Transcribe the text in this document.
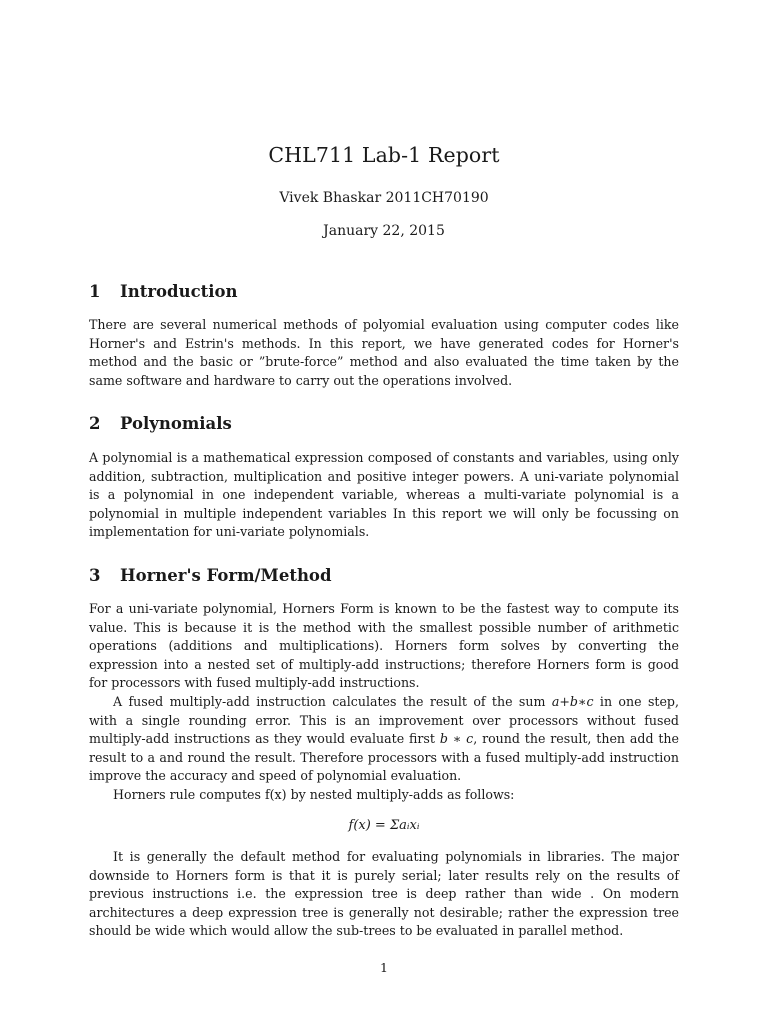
CHL711 Lab-1 Report
Vivek Bhaskar 2011CH70190
January 22, 2015
1 Introduction

There are several numerical methods of polyomial evaluation using computer codes like Horner's and Estrin's methods. In this report, we have generated codes for Horner's method and the basic or ”brute-force” method and also evaluated the time taken by the same software and hardware to carry out the operations involved.

2 Polynomials

A polynomial is a mathematical expression composed of constants and variables, using only addition, subtraction, multiplication and positive integer powers. A uni-variate polynomial is a polynomial in one independent variable, whereas a multi-variate polynomial is a polynomial in multiple independent variables In this report we will only be focussing on implementation for uni-variate polynomials.

3 Horner's Form/Method

For a uni-variate polynomial, Horners Form is known to be the fastest way to compute its value. This is because it is the method with the smallest possible number of arithmetic operations (additions and multiplications). Horners form solves by converting the expression into a nested set of multiply-add instructions; therefore Horners form is good for processors with fused multiply-add instructions.

A fused multiply-add instruction calculates the result of the sum a+b∗c in one step, with a single rounding error. This is an improvement over processors without fused multiply-add instructions as they would evaluate first b ∗ c, round the result, then add the result to a and round the result. Therefore processors with a fused multiply-add instruction improve the accuracy and speed of polynomial evaluation.

Horners rule computes f(x) by nested multiply-adds as follows:

f(x) = Σaᵢxᵢ

It is generally the default method for evaluating polynomials in libraries. The major downside to Horners form is that it is purely serial; later results rely on the results of previous instructions i.e. the expression tree is deep rather than wide . On modern architectures a deep expression tree is generally not desirable; rather the expression tree should be wide which would allow the sub-trees to be evaluated in parallel method.

1
